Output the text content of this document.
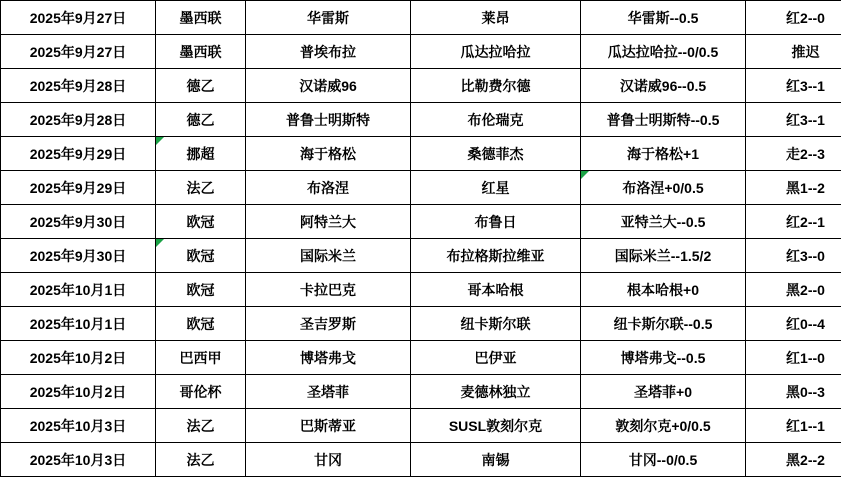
2025年9月27日	墨西联	华雷斯	莱昂	华雷斯--0.5	红2--0
2025年9月27日	墨西联	普埃布拉	瓜达拉哈拉	瓜达拉哈拉--0/0.5	推迟
2025年9月28日	德乙	汉诺威96	比勒费尔德	汉诺威96--0.5	红3--1
2025年9月28日	德乙	普鲁士明斯特	布伦瑞克	普鲁士明斯特--0.5	红3--1
2025年9月29日	挪超	海于格松	桑德菲杰	海于格松+1	走2--3
2025年9月29日	法乙	布洛涅	红星	布洛涅+0/0.5	黑1--2
2025年9月30日	欧冠	阿特兰大	布鲁日	亚特兰大--0.5	红2--1
2025年9月30日	欧冠	国际米兰	布拉格斯拉维亚	国际米兰--1.5/2	红3--0
2025年10月1日	欧冠	卡拉巴克	哥本哈根	根本哈根+0	黑2--0
2025年10月1日	欧冠	圣吉罗斯	纽卡斯尔联	纽卡斯尔联--0.5	红0--4
2025年10月2日	巴西甲	博塔弗戈	巴伊亚	博塔弗戈--0.5	红1--0
2025年10月2日	哥伦杯	圣塔菲	麦德林独立	圣塔菲+0	黑0--3
2025年10月3日	法乙	巴斯蒂亚	SUSL敦刻尔克	敦刻尔克+0/0.5	红1--1
2025年10月3日	法乙	甘冈	南锡	甘冈--0/0.5	黑2--2
